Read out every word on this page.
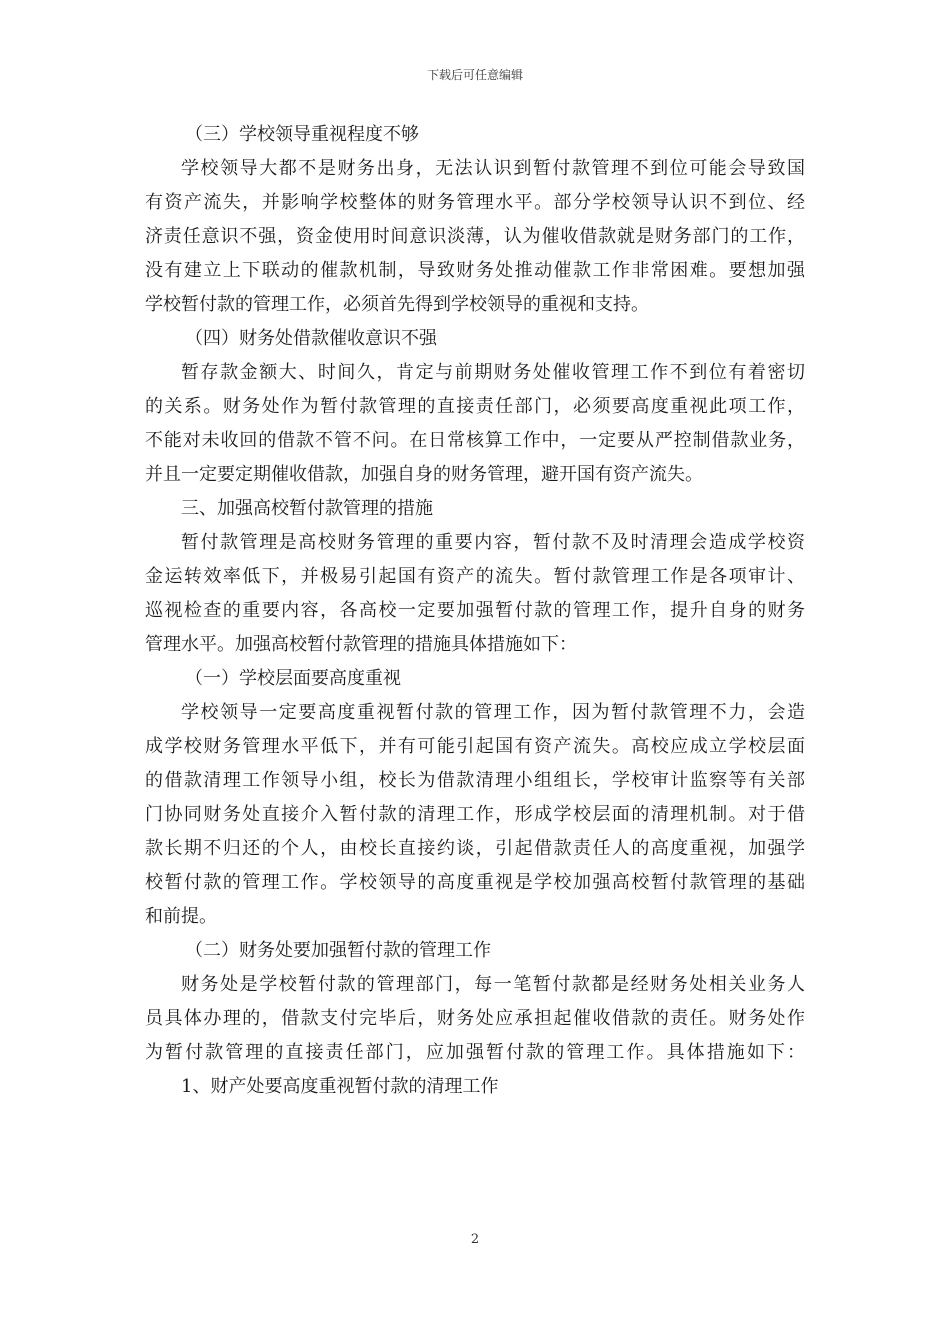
下载后可任意编辑
（三）学校领导重视程度不够
学校领导大都不是财务出身，无法认识到暂付款管理不到位可能会导致国
有资产流失，并影响学校整体的财务管理水平。部分学校领导认识不到位、经
济责任意识不强，资金使用时间意识淡薄，认为催收借款就是财务部门的工作，
没有建立上下联动的催款机制，导致财务处推动催款工作非常困难。要想加强
学校暂付款的管理工作，必须首先得到学校领导的重视和支持。
（四）财务处借款催收意识不强
暂存款金额大、时间久，肯定与前期财务处催收管理工作不到位有着密切
的关系。财务处作为暂付款管理的直接责任部门，必须要高度重视此项工作，
不能对未收回的借款不管不问。在日常核算工作中，一定要从严控制借款业务，
并且一定要定期催收借款，加强自身的财务管理，避开国有资产流失。
三、加强高校暂付款管理的措施
暂付款管理是高校财务管理的重要内容，暂付款不及时清理会造成学校资
金运转效率低下，并极易引起国有资产的流失。暂付款管理工作是各项审计、
巡视检查的重要内容，各高校一定要加强暂付款的管理工作，提升自身的财务
管理水平。加强高校暂付款管理的措施具体措施如下：
（一）学校层面要高度重视
学校领导一定要高度重视暂付款的管理工作，因为暂付款管理不力，会造
成学校财务管理水平低下，并有可能引起国有资产流失。高校应成立学校层面
的借款清理工作领导小组，校长为借款清理小组组长，学校审计监察等有关部
门协同财务处直接介入暂付款的清理工作，形成学校层面的清理机制。对于借
款长期不归还的个人，由校长直接约谈，引起借款责任人的高度重视，加强学
校暂付款的管理工作。学校领导的高度重视是学校加强高校暂付款管理的基础
和前提。
（二）财务处要加强暂付款的管理工作
财务处是学校暂付款的管理部门，每一笔暂付款都是经财务处相关业务人
员具体办理的，借款支付完毕后，财务处应承担起催收借款的责任。财务处作
为暂付款管理的直接责任部门，应加强暂付款的管理工作。具体措施如下：
1、财产处要高度重视暂付款的清理工作
2
